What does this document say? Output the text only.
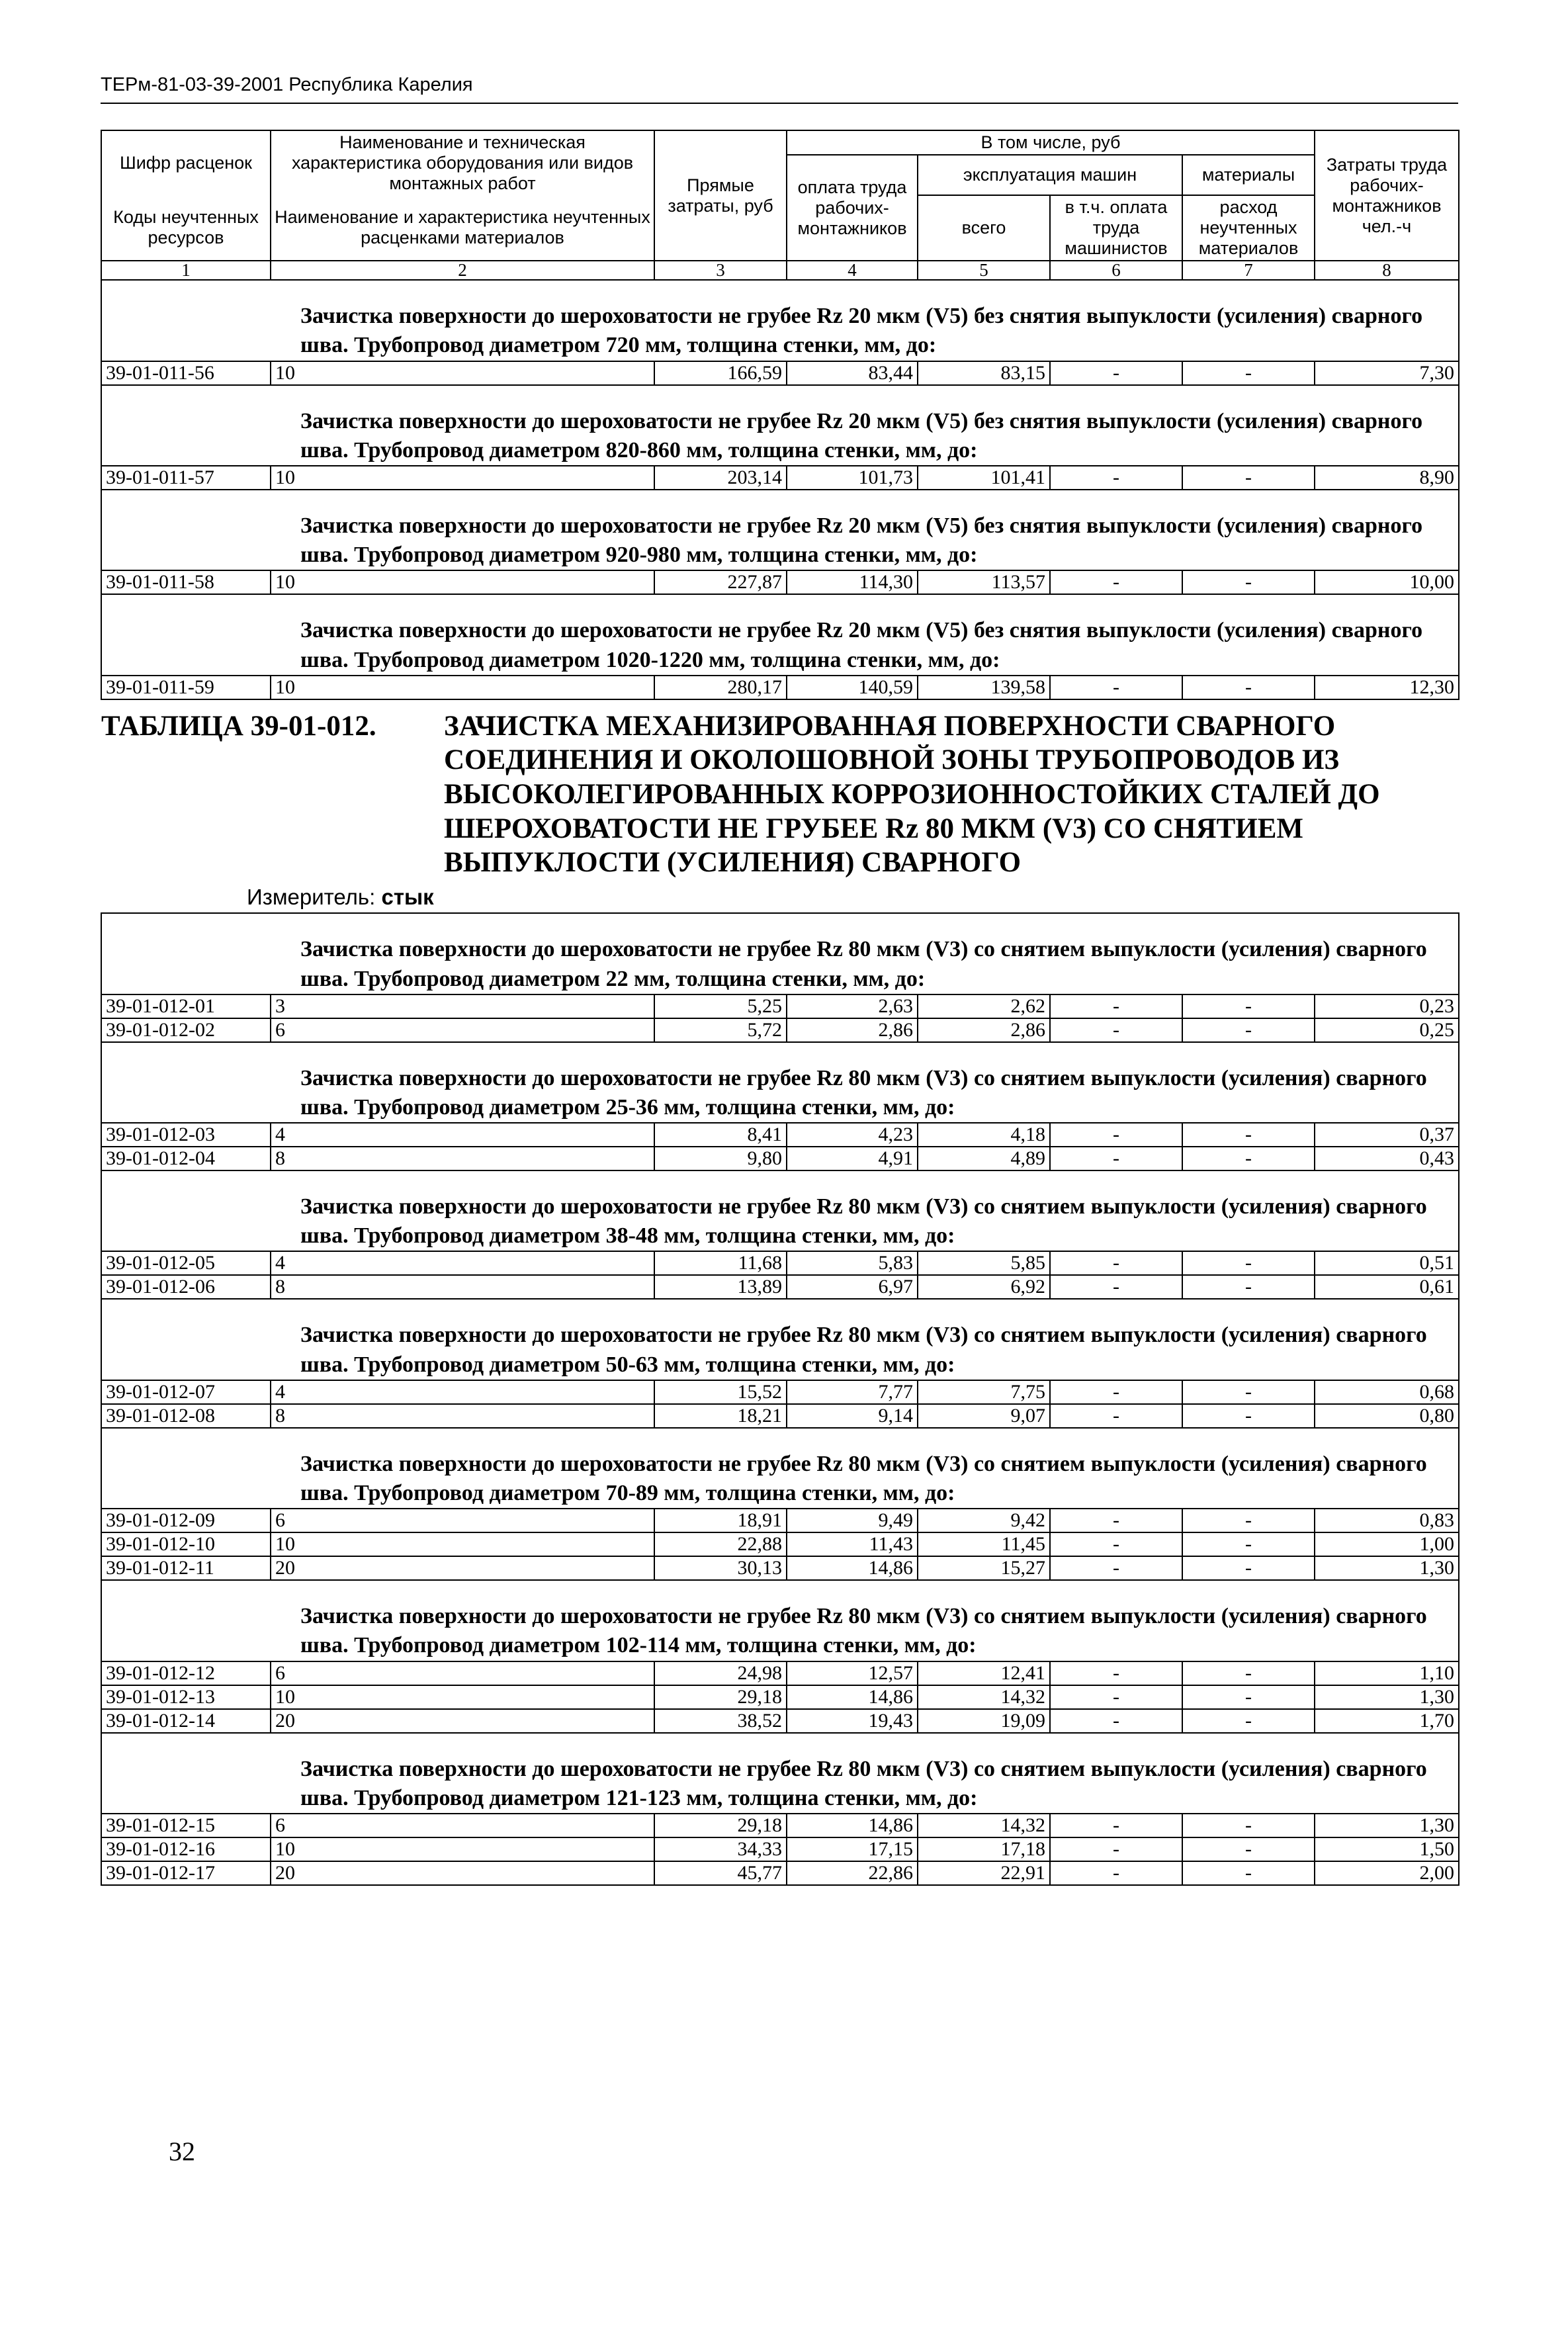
ТЕРм-81-03-39-2001 Республика Карелия
Шифр расценок	Наименование и техническая характеристика оборудования или видов монтажных работ	Прямые затраты, руб	В том числе, руб				Затраты труда рабочих-монтажников чел.-ч
			оплата труда рабочих-монтажников	эксплуатация машин		материалы	
Коды неучтенных ресурсов	Наименование и характеристика неучтенных расценками материалов			всего	в т.ч. оплата труда машинистов	расход неучтенных материалов	

1	2	3	4	5	6	7	8
Зачистка поверхности до шероховатости не грубее Rz 20 мкм (V5) без снятия выпуклости (усиления) сварного шва. Трубопровод диаметром 720 мм, толщина стенки, мм, до:							
39-01-011-56	10	166,59	83,44	83,15	-	-	7,30
Зачистка поверхности до шероховатости не грубее Rz 20 мкм (V5) без снятия выпуклости (усиления) сварного шва. Трубопровод диаметром 820-860 мм, толщина стенки, мм, до:							
39-01-011-57	10	203,14	101,73	101,41	-	-	8,90
Зачистка поверхности до шероховатости не грубее Rz 20 мкм (V5) без снятия выпуклости (усиления) сварного шва. Трубопровод диаметром 920-980 мм, толщина стенки, мм, до:							
39-01-011-58	10	227,87	114,30	113,57	-	-	10,00
Зачистка поверхности до шероховатости не грубее Rz 20 мкм (V5) без снятия выпуклости (усиления) сварного шва. Трубопровод диаметром 1020-1220 мм, толщина стенки, мм, до:							
39-01-011-59	10	280,17	140,59	139,58	-	-	12,30
ТАБЛИЦА 39-01-012. ЗАЧИСТКА МЕХАНИЗИРОВАННАЯ ПОВЕРХНОСТИ СВАРНОГО СОЕДИНЕНИЯ И ОКОЛОШОВНОЙ ЗОНЫ ТРУБОПРОВОДОВ ИЗ ВЫСОКОЛЕГИРОВАННЫХ КОРРОЗИОННОСТОЙКИХ СТАЛЕЙ ДО ШЕРОХОВАТОСТИ НЕ ГРУБЕЕ Rz 80 МКМ (V3) СО СНЯТИЕМ ВЫПУКЛОСТИ (УСИЛЕНИЯ) СВАРНОГО
Измеритель: стык							

Зачистка поверхности до шероховатости не грубее Rz 80 мкм (V3) со снятием выпуклости (усиления) сварного шва. Трубопровод диаметром 22 мм, толщина стенки, мм, до:							
39-01-012-01	3	5,25	2,63	2,62	-	-	0,23
39-01-012-02	6	5,72	2,86	2,86	-	-	0,25
Зачистка поверхности до шероховатости не грубее Rz 80 мкм (V3) со снятием выпуклости (усиления) сварного шва. Трубопровод диаметром 25-36 мм, толщина стенки, мм, до:							
39-01-012-03	4	8,41	4,23	4,18	-	-	0,37
39-01-012-04	8	9,80	4,91	4,89	-	-	0,43
Зачистка поверхности до шероховатости не грубее Rz 80 мкм (V3) со снятием выпуклости (усиления) сварного шва. Трубопровод диаметром 38-48 мм, толщина стенки, мм, до:							
39-01-012-05	4	11,68	5,83	5,85	-	-	0,51
39-01-012-06	8	13,89	6,97	6,92	-	-	0,61
Зачистка поверхности до шероховатости не грубее Rz 80 мкм (V3) со снятием выпуклости (усиления) сварного шва. Трубопровод диаметром 50-63 мм, толщина стенки, мм, до:							
39-01-012-07	4	15,52	7,77	7,75	-	-	0,68
39-01-012-08	8	18,21	9,14	9,07	-	-	0,80
Зачистка поверхности до шероховатости не грубее Rz 80 мкм (V3) со снятием выпуклости (усиления) сварного шва. Трубопровод диаметром 70-89 мм, толщина стенки, мм, до:							
39-01-012-09	6	18,91	9,49	9,42	-	-	0,83
39-01-012-10	10	22,88	11,43	11,45	-	-	1,00
39-01-012-11	20	30,13	14,86	15,27	-	-	1,30
Зачистка поверхности до шероховатости не грубее Rz 80 мкм (V3) со снятием выпуклости (усиления) сварного шва. Трубопровод диаметром 102-114 мм, толщина стенки, мм, до:							
39-01-012-12	6	24,98	12,57	12,41	-	-	1,10
39-01-012-13	10	29,18	14,86	14,32	-	-	1,30
39-01-012-14	20	38,52	19,43	19,09	-	-	1,70
Зачистка поверхности до шероховатости не грубее Rz 80 мкм (V3) со снятием выпуклости (усиления) сварного шва. Трубопровод диаметром 121-123 мм, толщина стенки, мм, до:							
39-01-012-15	6	29,18	14,86	14,32	-	-	1,30
39-01-012-16	10	34,33	17,15	17,18	-	-	1,50
39-01-012-17	20	45,77	22,86	22,91	-	-	2,00
32
